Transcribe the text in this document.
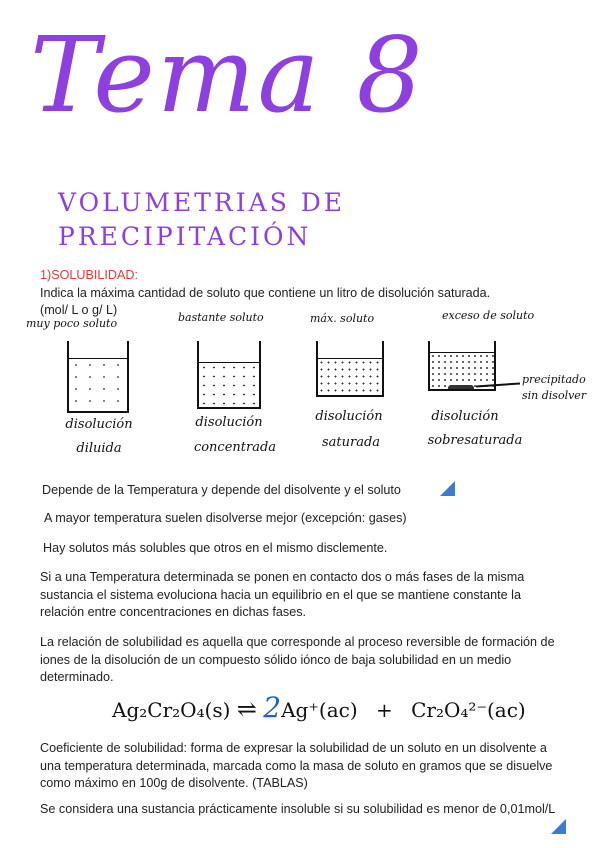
Tema 8
VOLUMETRIAS DE PRECIPITACIÓN
1)SOLUBILIDAD:
Indica la máxima cantidad de soluto que contiene un litro de disolución saturada.
(mol/ L o g/ L)
muy poco soluto	bastante soluto	máx. soluto	exceso de soluto
precipitado
sin disolver
disolución
diluida
disolución
concentrada
disolución
saturada
disolución
sobresaturada
Depende de la Temperatura y depende del disolvente y el soluto
A mayor temperatura suelen disolverse mejor (excepción: gases)
Hay solutos más solubles que otros en el mismo disclemente.
Si a una Temperatura determinada se ponen en contacto dos o más fases de la misma sustancia el sistema evoluciona hacia un equilibrio en el que se mantiene constante la relación entre concentraciones en dichas fases.
La relación de solubilidad es aquella que corresponde al proceso reversible de formación de iones de la disolución de un compuesto sólido iónco de baja solubilidad en un medio determinado.
Ag₂Cr₂O₄(s) ⇌ 2Ag⁺(ac) + Cr₂O₄²⁻(ac)
Coeficiente de solubilidad: forma de expresar la solubilidad de un soluto en un disolvente a una temperatura determinada, marcada como la masa de soluto en gramos que se disuelve como máximo en 100g de disolvente. (TABLAS)
Se considera una sustancia prácticamente insoluble si su solubilidad es menor de 0,01mol/L
